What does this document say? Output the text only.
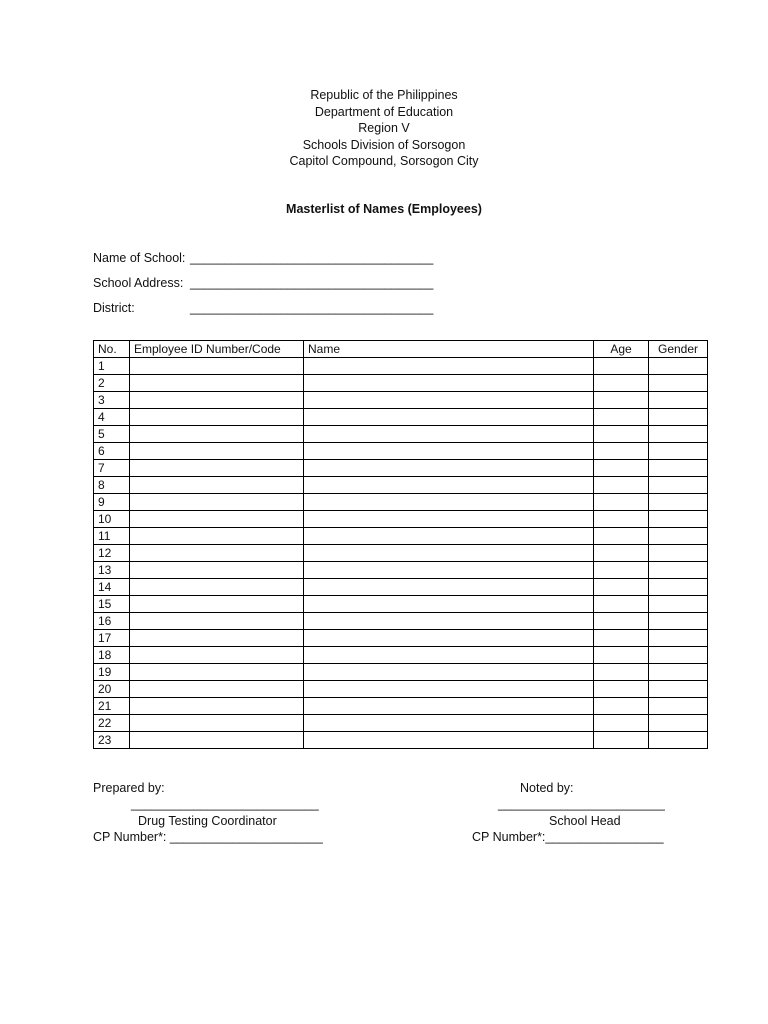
Republic of the Philippines
Department of Education
Region V
Schools Division of Sorsogon
Capitol Compound, Sorsogon City
Masterlist of Names (Employees)
Name of School: ___________________________________
School Address: ___________________________________
District:	___________________________________
No.	Employee ID Number/Code	Name	Age	Gender
1				
2				
3				
4				
5				
6				
7				
8				
9				
10				
11				
12				
13				
14				
15				
16				
17				
18				
19				
20				
21				
22				
23				
Prepared by:
___________________________
Drug Testing Coordinator
CP Number*: ______________________
Noted by:
________________________
School Head
CP Number*:_________________
